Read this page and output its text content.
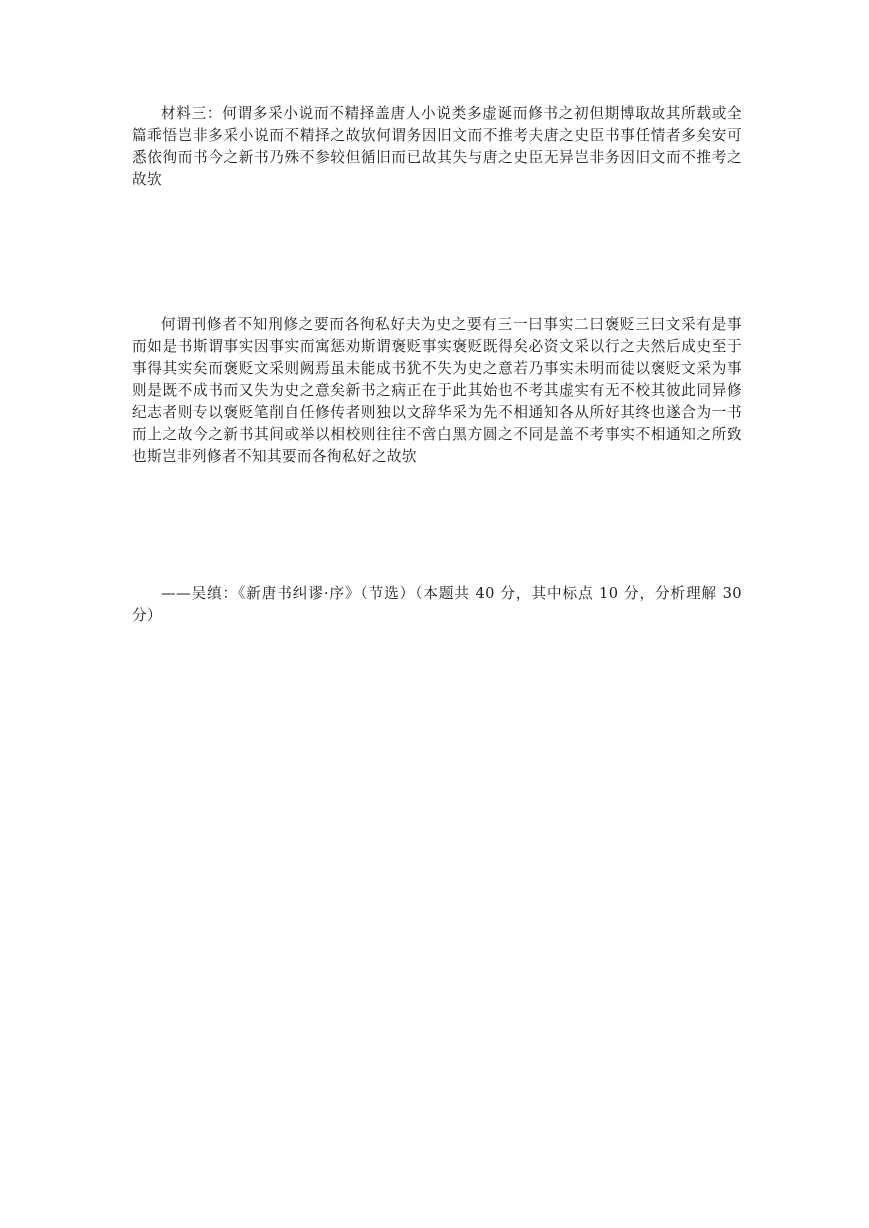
材料三：何谓多采小说而不精择盖唐人小说类多虚诞而修书之初但期博取故其所载或全篇乖悟岂非多采小说而不精择之故欤何谓务因旧文而不推考夫唐之史臣书事任情者多矣安可悉依徇而书今之新书乃殊不参较但循旧而已故其失与唐之史臣无异岂非务因旧文而不推考之故欤

何谓刊修者不知刑修之要而各徇私好夫为史之要有三一曰事实二曰褒贬三曰文采有是事而如是书斯谓事实因事实而寓惩劝斯谓褒贬事实褒贬既得矣必资文采以行之夫然后成史至于事得其实矣而褒贬文采则阙焉虽未能成书犹不失为史之意若乃事实未明而徒以褒贬文采为事则是既不成书而又失为史之意矣新书之病正在于此其始也不考其虚实有无不校其彼此同异修纪志者则专以褒贬笔削自任修传者则独以文辞华采为先不相通知各从所好其终也遂合为一书而上之故今之新书其间或举以相校则往往不啻白黑方圆之不同是盖不考事实不相通知之所致也斯岂非列修者不知其要而各徇私好之故欤

——吴缜：《新唐书纠谬·序》（节选）（本题共 40 分，其中标点 10 分，分析理解 30 分）
